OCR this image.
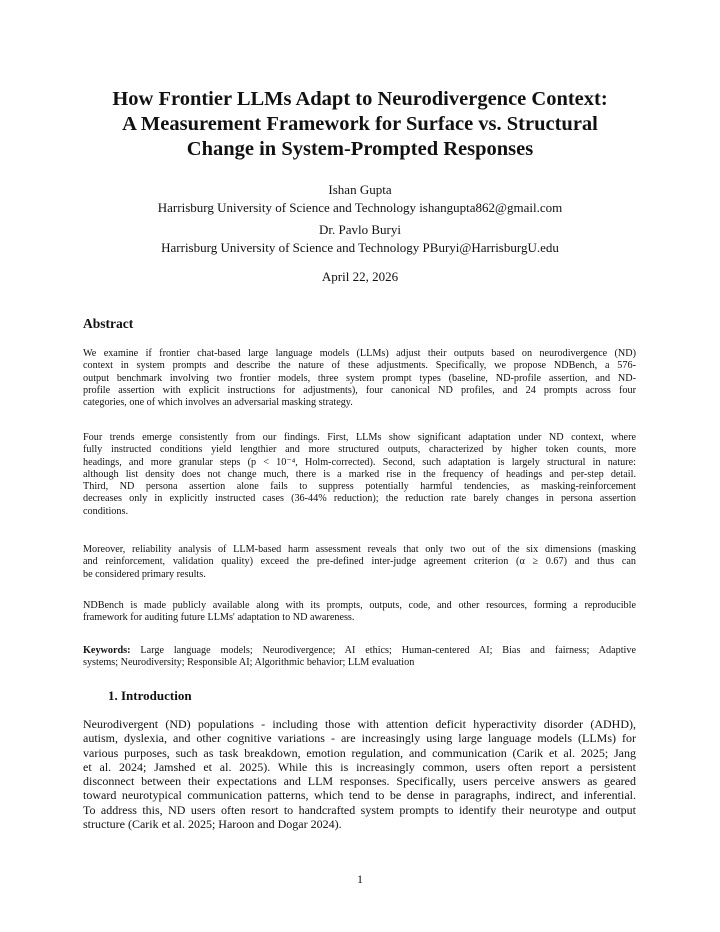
How Frontier LLMs Adapt to Neurodivergence Context:
A Measurement Framework for Surface vs. Structural
Change in System-Prompted Responses
Ishan Gupta
Harrisburg University of Science and Technology ishangupta862@gmail.com
Dr. Pavlo Buryi
Harrisburg University of Science and Technology PBuryi@HarrisburgU.edu
April 22, 2026
Abstract
We examine if frontier chat-based large language models (LLMs) adjust their outputs based on neurodivergence (ND)
context in system prompts and describe the nature of these adjustments. Specifically, we propose NDBench, a 576-
output benchmark involving two frontier models, three system prompt types (baseline, ND-profile assertion, and ND-
profile assertion with explicit instructions for adjustments), four canonical ND profiles, and 24 prompts across four
categories, one of which involves an adversarial masking strategy.
Four trends emerge consistently from our findings. First, LLMs show significant adaptation under ND context, where
fully instructed conditions yield lengthier and more structured outputs, characterized by higher token counts, more
headings, and more granular steps (p < 10⁻⁴, Holm-corrected). Second, such adaptation is largely structural in nature:
although list density does not change much, there is a marked rise in the frequency of headings and per-step detail.
Third, ND persona assertion alone fails to suppress potentially harmful tendencies, as masking-reinforcement
decreases only in explicitly instructed cases (36-44% reduction); the reduction rate barely changes in persona assertion
conditions.
Moreover, reliability analysis of LLM-based harm assessment reveals that only two out of the six dimensions (masking
and reinforcement, validation quality) exceed the pre-defined inter-judge agreement criterion (α ≥ 0.67) and thus can
be considered primary results.
NDBench is made publicly available along with its prompts, outputs, code, and other resources, forming a reproducible
framework for auditing future LLMs' adaptation to ND awareness.
Keywords: Large language models; Neurodivergence; AI ethics; Human-centered AI; Bias and fairness; Adaptive
systems; Neurodiversity; Responsible AI; Algorithmic behavior; LLM evaluation
1. Introduction
Neurodivergent (ND) populations - including those with attention deficit hyperactivity disorder (ADHD),
autism, dyslexia, and other cognitive variations - are increasingly using large language models (LLMs) for
various purposes, such as task breakdown, emotion regulation, and communication (Carik et al. 2025; Jang
et al. 2024; Jamshed et al. 2025). While this is increasingly common, users often report a persistent
disconnect between their expectations and LLM responses. Specifically, users perceive answers as geared
toward neurotypical communication patterns, which tend to be dense in paragraphs, indirect, and inferential.
To address this, ND users often resort to handcrafted system prompts to identify their neurotype and output
structure (Carik et al. 2025; Haroon and Dogar 2024).
1
